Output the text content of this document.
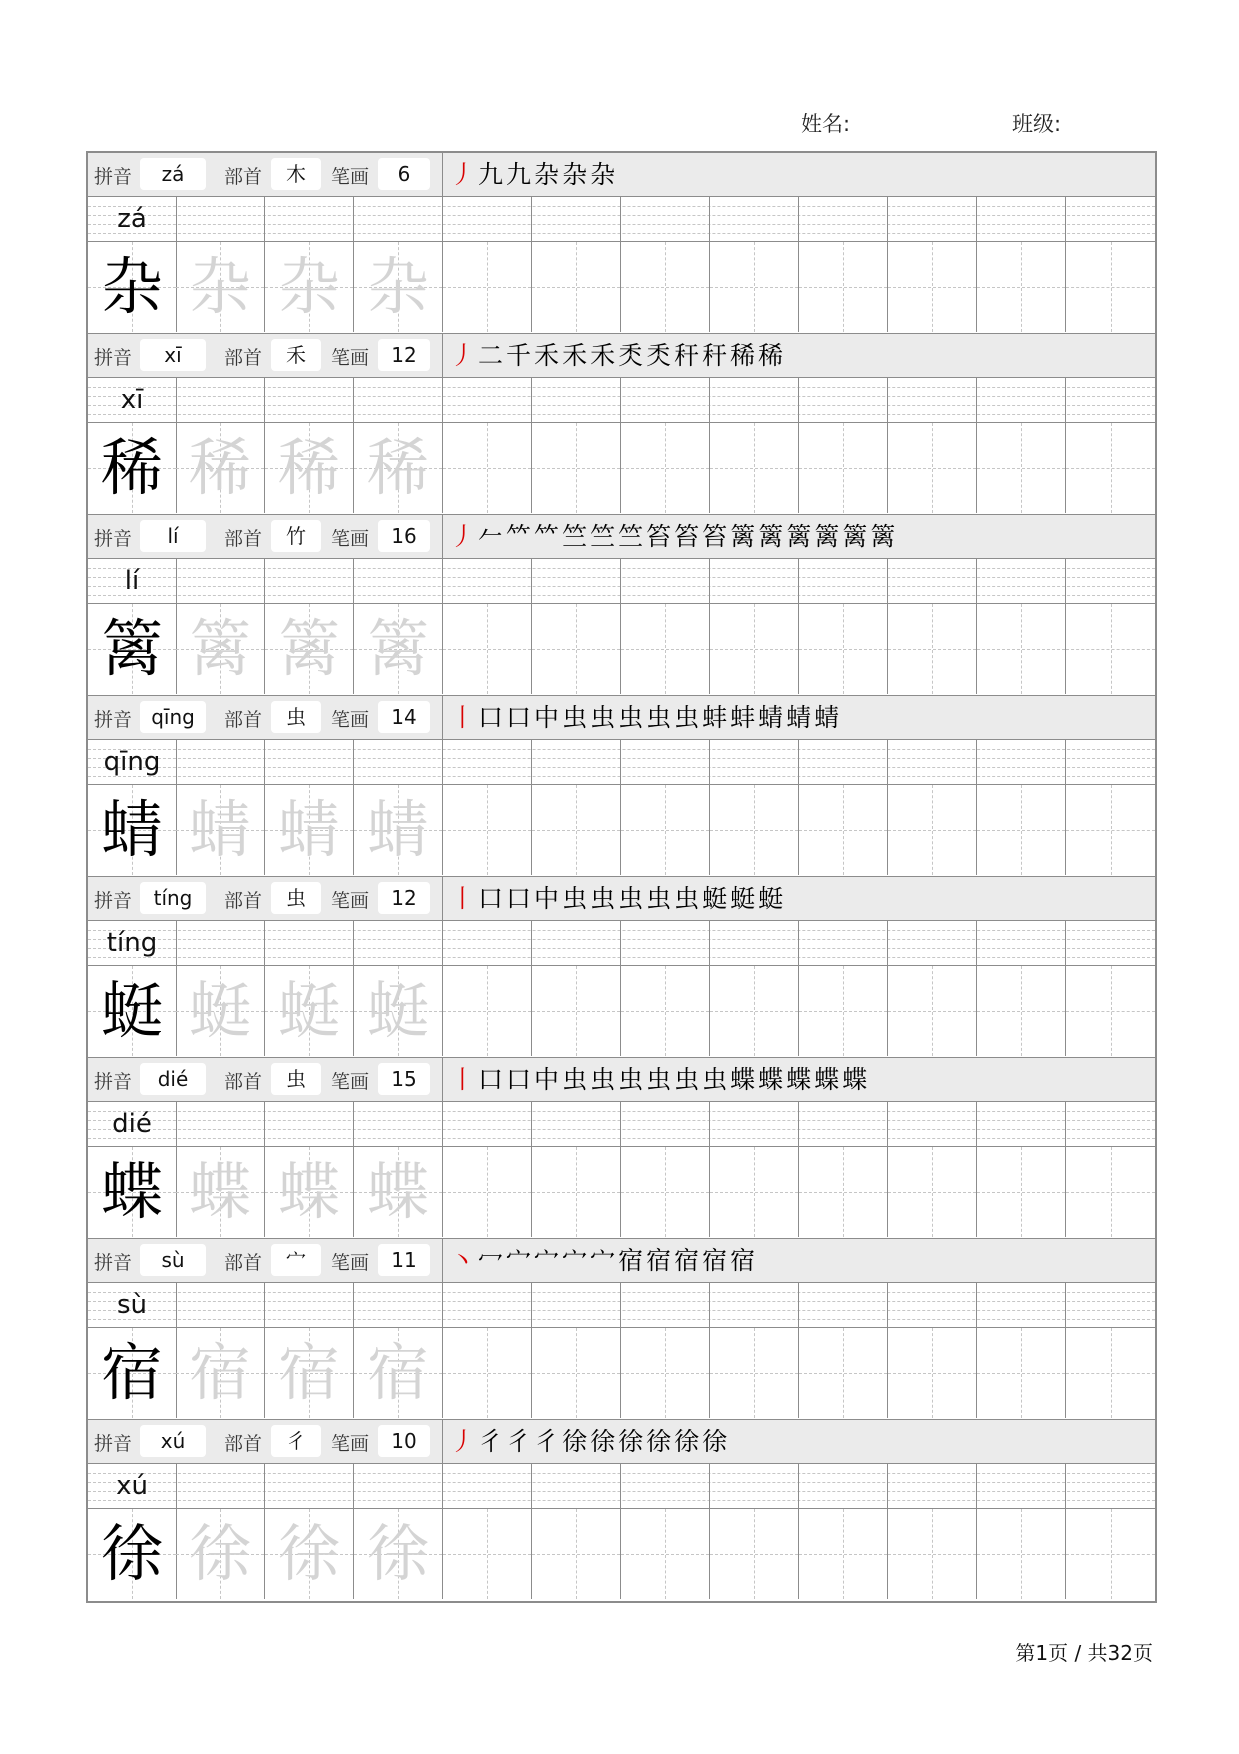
姓名:	班级:
拼音	zá	部首	木	笔画	6	丿 九 九 杂 杂 杂
zá
杂 杂 杂 杂
拼音	xī	部首	禾	笔画	12	丿 二 千 禾 禾 禾 秂 秂 秆 秆 稀 稀
xī
稀 稀 稀 稀
拼音	lí	部首	竹	笔画	16	丿 𠂉 𥫗 𥫗 竺 竺 竺 笞 笞 笞 篱 篱 篱 篱 篱 篱
lí
篱 篱 篱 篱
拼音 qīng	部首	虫	笔画	14	丨 口 口 中 虫 虫 虫 虫 虫 蚌 蚌 蜻 蜻 蜻
qīng
蜻 蜻 蜻 蜻
拼音	tíng	部首	虫	笔画	12	丨 口 口 中 虫 虫 虫 虫 虫 蜓 蜓 蜓
tíng
蜓 蜓 蜓 蜓
拼音	dié	部首	虫	笔画	15	丨 口 口 中 虫 虫 虫 虫 虫 虫 蝶 蝶 蝶 蝶 蝶
dié
蝶 蝶 蝶 蝶
拼音	sù	部首	宀	笔画	11	丶 冖 宀 宀 宀 宀 宿 宿 宿 宿 宿
sù
宿 宿 宿 宿
拼音	xú	部首	彳	笔画	10	丿 彳 彳 彳 徐 徐 徐 徐 徐 徐
xú
徐 徐 徐 徐
第1页 / 共32页
